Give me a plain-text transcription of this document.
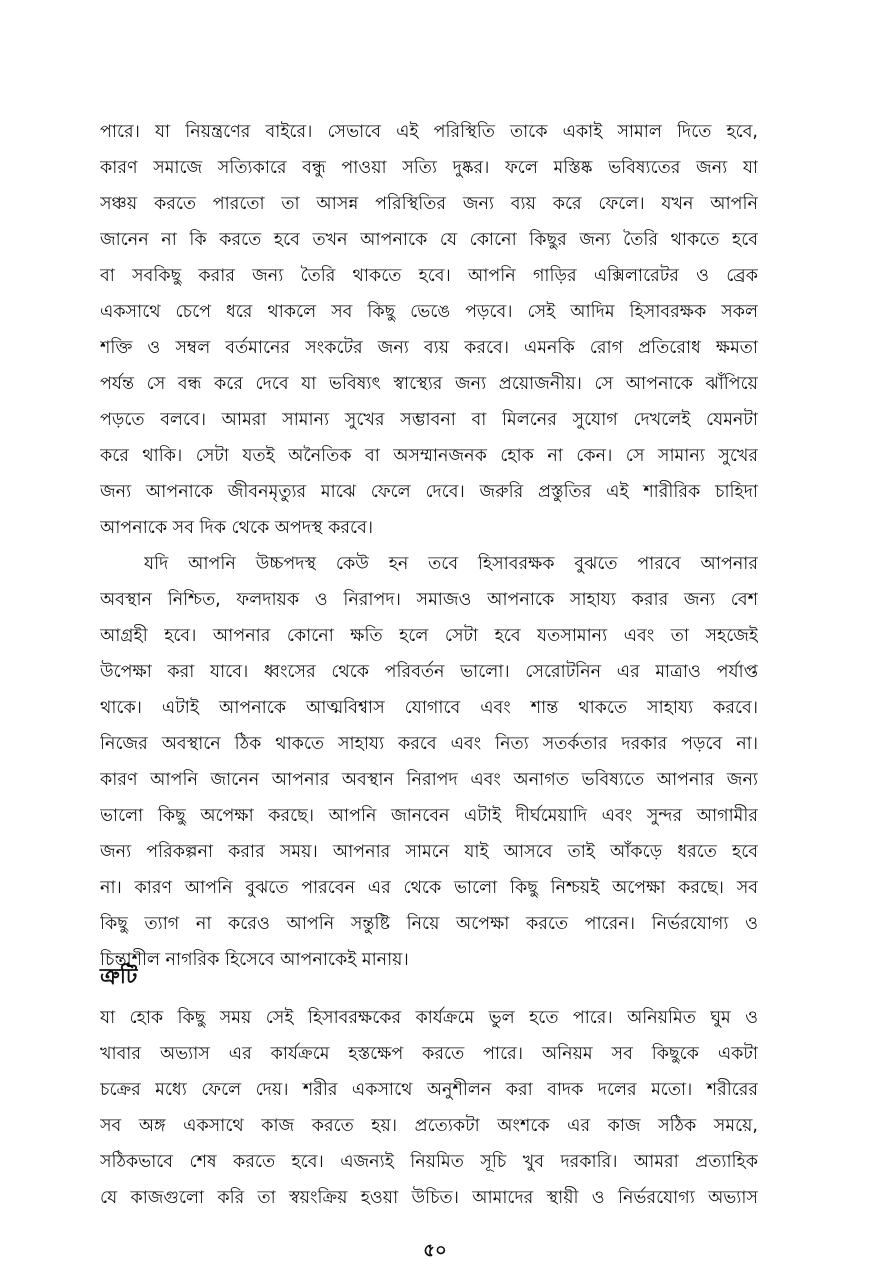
পারে। যা নিয়ন্ত্রণের বাইরে। সেভাবে এই পরিস্থিতি তাকে একাই সামাল দিতে হবে,
কারণ সমাজে সত্যিকারে বন্ধু পাওয়া সত্যি দুষ্কর। ফলে মস্তিষ্ক ভবিষ্যতের জন্য যা
সঞ্চয় করতে পারতো তা আসন্ন পরিস্থিতির জন্য ব্যয় করে ফেলে। যখন আপনি
জানেন না কি করতে হবে তখন আপনাকে যে কোনো কিছুর জন্য তৈরি থাকতে হবে
বা সবকিছু করার জন্য তৈরি থাকতে হবে। আপনি গাড়ির এক্সিলারেটর ও ব্রেক
একসাথে চেপে ধরে থাকলে সব কিছু ভেঙে পড়বে। সেই আদিম হিসাবরক্ষক সকল
শক্তি ও সম্বল বর্তমানের সংকটের জন্য ব্যয় করবে। এমনকি রোগ প্রতিরোধ ক্ষমতা
পর্যন্ত সে বন্ধ করে দেবে যা ভবিষ্যৎ স্বাস্থ্যের জন্য প্রয়োজনীয়। সে আপনাকে ঝাঁপিয়ে
পড়তে বলবে। আমরা সামান্য সুখের সম্ভাবনা বা মিলনের সুযোগ দেখলেই যেমনটা
করে থাকি। সেটা যতই অনৈতিক বা অসম্মানজনক হোক না কেন। সে সামান্য সুখের
জন্য আপনাকে জীবনমৃত্যুর মাঝে ফেলে দেবে। জরুরি প্রস্তুতির এই শারীরিক চাহিদা
আপনাকে সব দিক থেকে অপদস্থ করবে।
যদি আপনি উচ্চপদস্থ কেউ হন তবে হিসাবরক্ষক বুঝতে পারবে আপনার
অবস্থান নিশ্চিত, ফলদায়ক ও নিরাপদ। সমাজও আপনাকে সাহায্য করার জন্য বেশ
আগ্রহী হবে। আপনার কোনো ক্ষতি হলে সেটা হবে যতসামান্য এবং তা সহজেই
উপেক্ষা করা যাবে। ধ্বংসের থেকে পরিবর্তন ভালো। সেরোটনিন এর মাত্রাও পর্যাপ্ত
থাকে। এটাই আপনাকে আত্মবিশ্বাস যোগাবে এবং শান্ত থাকতে সাহায্য করবে।
নিজের অবস্থানে ঠিক থাকতে সাহায্য করবে এবং নিত্য সতর্কতার দরকার পড়বে না।
কারণ আপনি জানেন আপনার অবস্থান নিরাপদ এবং অনাগত ভবিষ্যতে আপনার জন্য
ভালো কিছু অপেক্ষা করছে। আপনি জানবেন এটাই দীর্ঘমেয়াদি এবং সুন্দর আগামীর
জন্য পরিকল্পনা করার সময়। আপনার সামনে যাই আসবে তাই আঁকড়ে ধরতে হবে
না। কারণ আপনি বুঝতে পারবেন এর থেকে ভালো কিছু নিশ্চয়ই অপেক্ষা করছে। সব
কিছু ত্যাগ না করেও আপনি সন্তুষ্টি নিয়ে অপেক্ষা করতে পারেন। নির্ভরযোগ্য ও
চিন্তাশীল নাগরিক হিসেবে আপনাকেই মানায়।
যা হোক কিছু সময় সেই হিসাবরক্ষকের কার্যক্রমে ভুল হতে পারে। অনিয়মিত ঘুম ও
খাবার অভ্যাস এর কার্যক্রমে হস্তক্ষেপ করতে পারে। অনিয়ম সব কিছুকে একটা
চক্রের মধ্যে ফেলে দেয়। শরীর একসাথে অনুশীলন করা বাদক দলের মতো। শরীরের
সব অঙ্গ একসাথে কাজ করতে হয়। প্রত্যেকটা অংশকে এর কাজ সঠিক সময়ে,
সঠিকভাবে শেষ করতে হবে। এজন্যই নিয়মিত সূচি খুব দরকারি। আমরা প্রত্যাহিক
যে কাজগুলো করি তা স্বয়ংক্রিয় হওয়া উচিত। আমাদের স্থায়ী ও নির্ভরযোগ্য অভ্যাস
ত্রুটি
৫০
